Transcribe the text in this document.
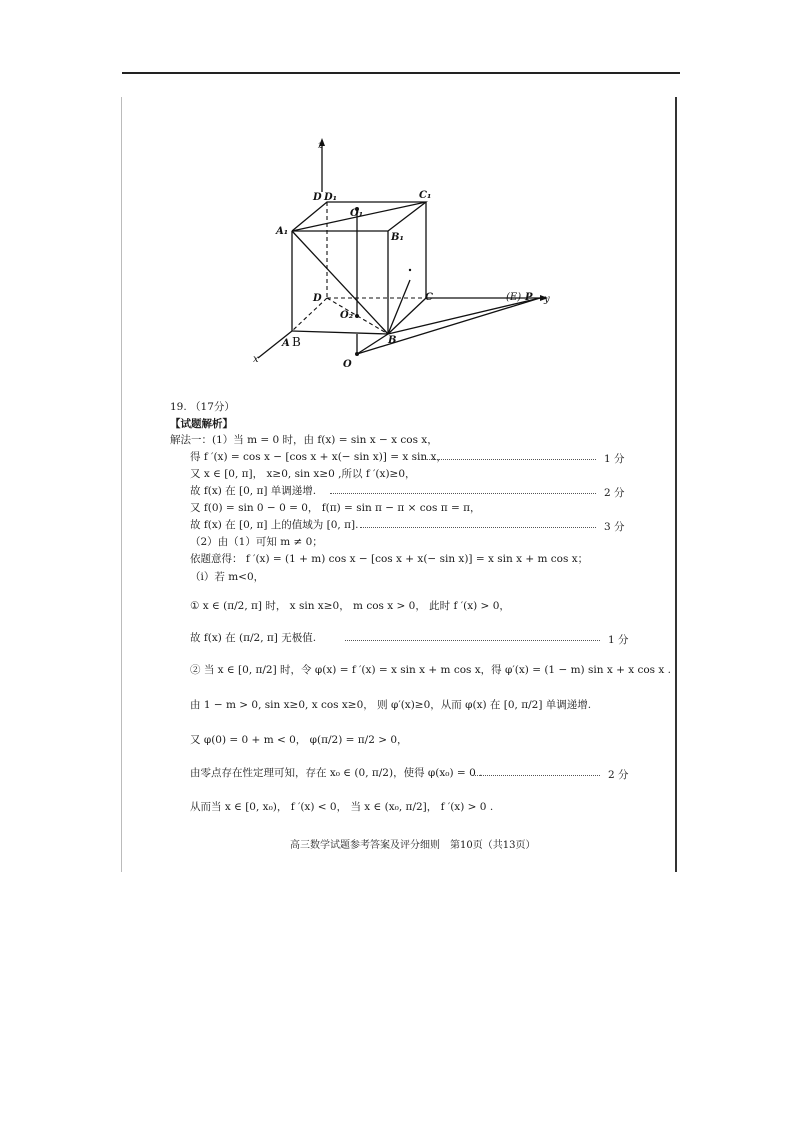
z
y
x
D D₁	C₁
O₁
A₁
B₁
D	C	(E) P
O₂
A B	B
O
19. （17分）
【试题解析】
解法一：(1）当 m = 0 时，由 f(x) = sin x − x cos x，
得 f ′(x) = cos x − [cos x + x(− sin x)] = x sin x，	1 分
又 x ∈ [0, π]， x≥0, sin x≥0 ,所以 f ′(x)≥0，
故 f(x) 在 [0, π] 单调递增.	2 分
又 f(0) = sin 0 − 0 = 0， f(π) = sin π − π × cos π = π，
故 f(x) 在 [0, π] 上的值域为 [0, π].	3 分
（2）由（1）可知 m ≠ 0；
依题意得： f ′(x) = (1 + m) cos x − [cos x + x(− sin x)] = x sin x + m cos x；
（i）若 m<0，
① x ∈ (π/2, π] 时， x sin x≥0， m cos x > 0， 此时 f ′(x) > 0，
故 f(x) 在 (π/2, π] 无极值.	1 分
② 当 x ∈ [0, π/2] 时，令 φ(x) = f ′(x) = x sin x + m cos x，得 φ′(x) = (1 − m) sin x + x cos x .
由 1 − m > 0, sin x≥0, x cos x≥0， 则 φ′(x)≥0，从而 φ(x) 在 [0, π/2] 单调递增.
又 φ(0) = 0 + m < 0， φ(π/2) = π/2 > 0，
由零点存在性定理可知，存在 x₀ ∈ (0, π/2)，使得 φ(x₀) = 0 .	2 分
从而当 x ∈ [0, x₀)， f ′(x) < 0， 当 x ∈ (x₀, π/2]， f ′(x) > 0 .
高三数学试题参考答案及评分细则　第10页（共13页）
